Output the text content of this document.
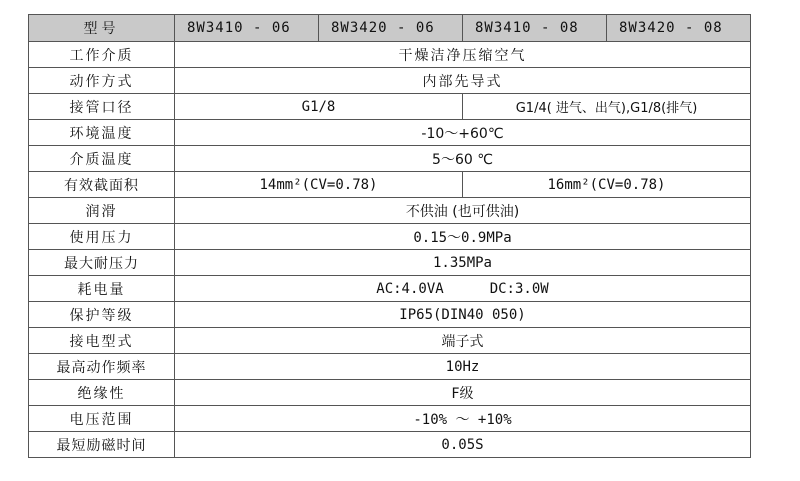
型号	8W3410 - 06	8W3420 - 06	8W3410 - 08	8W3420 - 08
工作介质	干燥洁净压缩空气			
动作方式	内部先导式			
接管口径	G1/8		G1/4( 进气、出气),G1/8(排气)	
环境温度	-10～+60℃			
介质温度	5～60 ℃			
有效截面积	14mm²(CV=0.78)		16mm²(CV=0.78)	
润滑	不供油 (也可供油)			
使用压力	0.15～0.9MPa			
最大耐压力	1.35MPa			
耗电量	AC:4.0VA DC:3.0W			
保护等级	IP65(DIN40 050)			
接电型式	端子式			
最高动作频率	10Hz			
绝缘性	F级			
电压范围	-10% ～ +10%			
最短励磁时间	0.05S			
